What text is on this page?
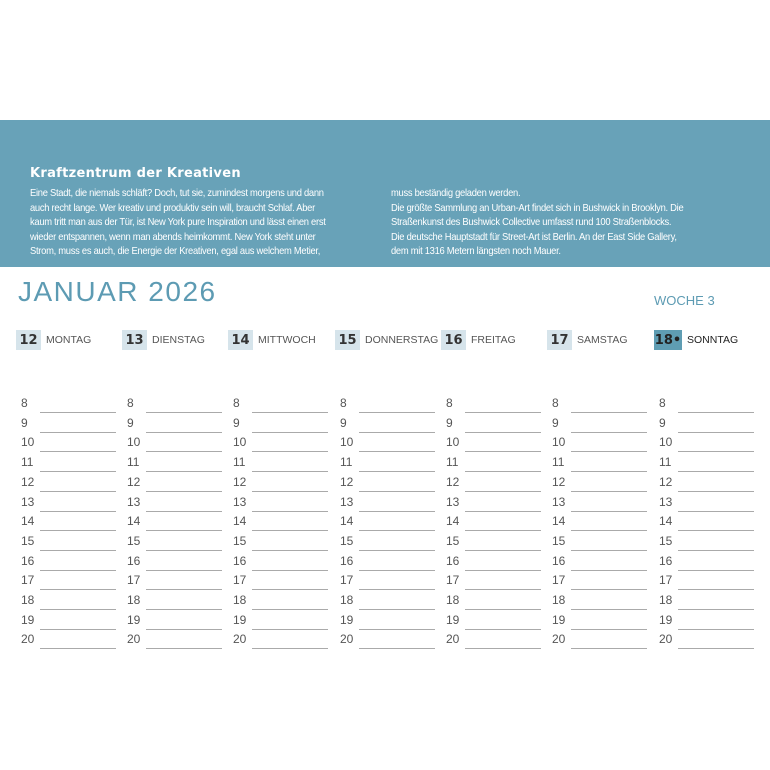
Kraftzentrum der Kreativen
Eine Stadt, die niemals schläft? Doch, tut sie, zumindest morgens und dann
auch recht lange. Wer kreativ und produktiv sein will, braucht Schlaf. Aber
kaum tritt man aus der Tür, ist New York pure Inspiration und lässt einen erst
wieder entspannen, wenn man abends heimkommt. New York steht unter
Strom, muss es auch, die Energie der Kreativen, egal aus welchem Metier,
muss beständig geladen werden.
Die größte Sammlung an Urban-Art findet sich in Bushwick in Brooklyn. Die
Straßenkunst des Bushwick Collective umfasst rund 100 Straßenblocks.
Die deutsche Hauptstadt für Street-Art ist Berlin. An der East Side Gallery,
dem mit 1316 Metern längsten noch Mauer.
JANUAR 2026	WOCHE 3
12 MONTAG
8
9
10
11
12
13
14
15
16
17
18
19
20
13 DIENSTAG
8
9
10
11
12
13
14
15
16
17
18
19
20
14 MITTWOCH
8
9
10
11
12
13
14
15
16
17
18
19
20
15 DONNERSTAG
8
9
10
11
12
13
14
15
16
17
18
19
20
16 FREITAG
8
9
10
11
12
13
14
15
16
17
18
19
20
17 SAMSTAG
8
9
10
11
12
13
14
15
16
17
18
19
20
18• SONNTAG
8
9
10
11
12
13
14
15
16
17
18
19
20
